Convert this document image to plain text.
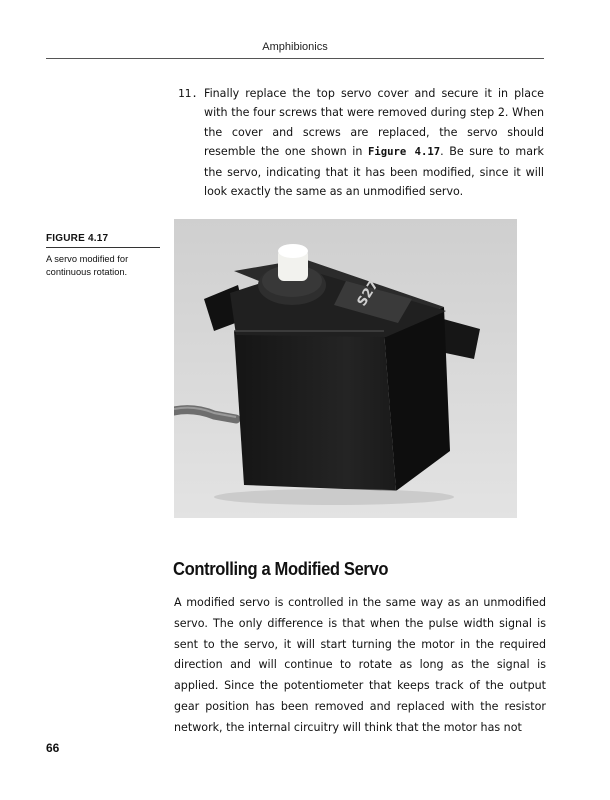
Amphibionics
11. Finally replace the top servo cover and secure it in place with the four screws that were removed during step 2. When the cover and screws are replaced, the servo should resemble the one shown in Figure 4.17. Be sure to mark the servo, indicating that it has been modified, since it will look exactly the same as an unmodified servo.
FIGURE 4.17
A servo modified for continuous rotation.
S27
Controlling a Modified Servo
A modified servo is controlled in the same way as an unmodified servo. The only difference is that when the pulse width signal is sent to the servo, it will start turning the motor in the required direction and will continue to rotate as long as the signal is applied. Since the potentiometer that keeps track of the output gear position has been removed and replaced with the resistor network, the internal circuitry will think that the motor has not
66
